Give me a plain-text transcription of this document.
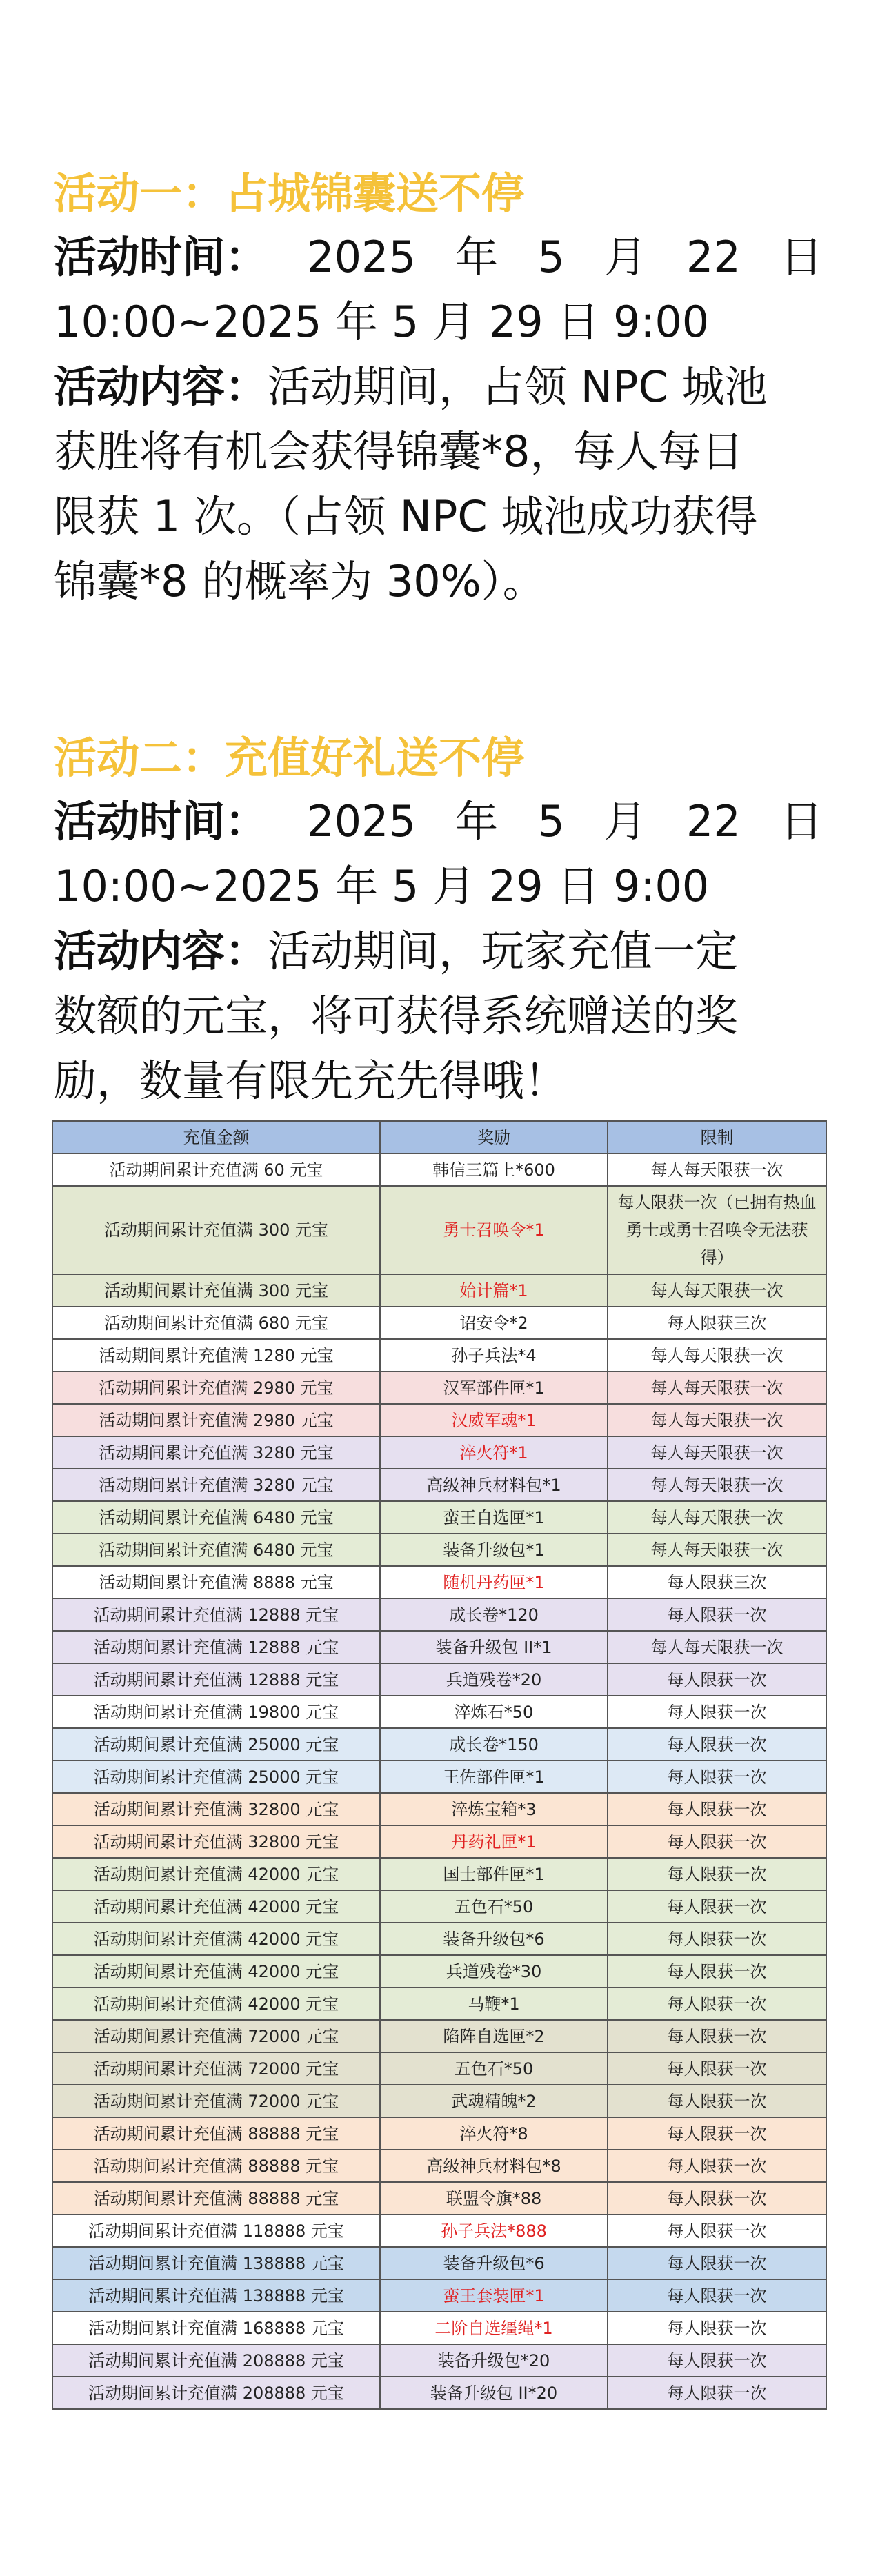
活动一：占城锦囊送不停
活动时间： 2025 年 5 月 22 日
10:00~2025 年 5 月 29 日 9:00
活动内容：活动期间，占领 NPC 城池
获胜将有机会获得锦囊*8，每人每日
限获 1 次。（占领 NPC 城池成功获得
锦囊*8 的概率为 30%）。
活动二：充值好礼送不停
活动时间： 2025 年 5 月 22 日
10:00~2025 年 5 月 29 日 9:00
活动内容：活动期间，玩家充值一定
数额的元宝，将可获得系统赠送的奖
励，数量有限先充先得哦！
充值金额	奖励	限制
活动期间累计充值满 60 元宝	韩信三篇上*600	每人每天限获一次
活动期间累计充值满 300 元宝	勇士召唤令*1	每人限获一次（已拥有热血勇士或勇士召唤令无法获得）
活动期间累计充值满 300 元宝	始计篇*1	每人每天限获一次
活动期间累计充值满 680 元宝	诏安令*2	每人限获三次
活动期间累计充值满 1280 元宝	孙子兵法*4	每人每天限获一次
活动期间累计充值满 2980 元宝	汉军部件匣*1	每人每天限获一次
活动期间累计充值满 2980 元宝	汉威军魂*1	每人每天限获一次
活动期间累计充值满 3280 元宝	淬火符*1	每人每天限获一次
活动期间累计充值满 3280 元宝	高级神兵材料包*1	每人每天限获一次
活动期间累计充值满 6480 元宝	蛮王自选匣*1	每人每天限获一次
活动期间累计充值满 6480 元宝	装备升级包*1	每人每天限获一次
活动期间累计充值满 8888 元宝	随机丹药匣*1	每人限获三次
活动期间累计充值满 12888 元宝	成长卷*120	每人限获一次
活动期间累计充值满 12888 元宝	装备升级包 II*1	每人每天限获一次
活动期间累计充值满 12888 元宝	兵道残卷*20	每人限获一次
活动期间累计充值满 19800 元宝	淬炼石*50	每人限获一次
活动期间累计充值满 25000 元宝	成长卷*150	每人限获一次
活动期间累计充值满 25000 元宝	王佐部件匣*1	每人限获一次
活动期间累计充值满 32800 元宝	淬炼宝箱*3	每人限获一次
活动期间累计充值满 32800 元宝	丹药礼匣*1	每人限获一次
活动期间累计充值满 42000 元宝	国士部件匣*1	每人限获一次
活动期间累计充值满 42000 元宝	五色石*50	每人限获一次
活动期间累计充值满 42000 元宝	装备升级包*6	每人限获一次
活动期间累计充值满 42000 元宝	兵道残卷*30	每人限获一次
活动期间累计充值满 42000 元宝	马鞭*1	每人限获一次
活动期间累计充值满 72000 元宝	陷阵自选匣*2	每人限获一次
活动期间累计充值满 72000 元宝	五色石*50	每人限获一次
活动期间累计充值满 72000 元宝	武魂精魄*2	每人限获一次
活动期间累计充值满 88888 元宝	淬火符*8	每人限获一次
活动期间累计充值满 88888 元宝	高级神兵材料包*8	每人限获一次
活动期间累计充值满 88888 元宝	联盟令旗*88	每人限获一次
活动期间累计充值满 118888 元宝	孙子兵法*888	每人限获一次
活动期间累计充值满 138888 元宝	装备升级包*6	每人限获一次
活动期间累计充值满 138888 元宝	蛮王套装匣*1	每人限获一次
活动期间累计充值满 168888 元宝	二阶自选缰绳*1	每人限获一次
活动期间累计充值满 208888 元宝	装备升级包*20	每人限获一次
活动期间累计充值满 208888 元宝	装备升级包 II*20	每人限获一次
